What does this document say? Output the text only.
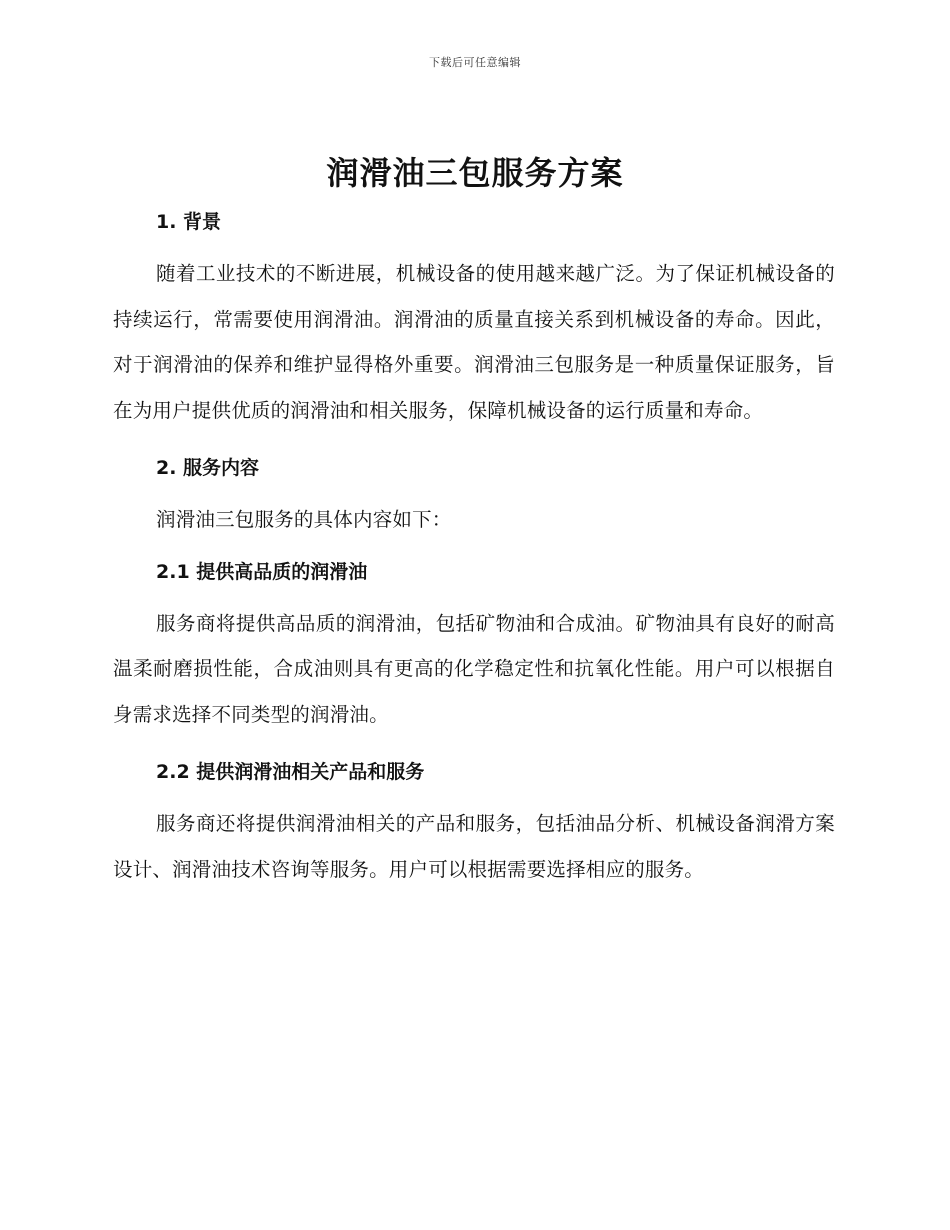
下载后可任意编辑
润滑油三包服务方案
1. 背景

随着工业技术的不断进展，机械设备的使用越来越广泛。为了保证机械设备的持续运行，常需要使用润滑油。润滑油的质量直接关系到机械设备的寿命。因此，对于润滑油的保养和维护显得格外重要。润滑油三包服务是一种质量保证服务，旨在为用户提供优质的润滑油和相关服务，保障机械设备的运行质量和寿命。

2. 服务内容

润滑油三包服务的具体内容如下：

2.1 提供高品质的润滑油

服务商将提供高品质的润滑油，包括矿物油和合成油。矿物油具有良好的耐高温柔耐磨损性能，合成油则具有更高的化学稳定性和抗氧化性能。用户可以根据自身需求选择不同类型的润滑油。

2.2 提供润滑油相关产品和服务

服务商还将提供润滑油相关的产品和服务，包括油品分析、机械设备润滑方案设计、润滑油技术咨询等服务。用户可以根据需要选择相应的服务。
